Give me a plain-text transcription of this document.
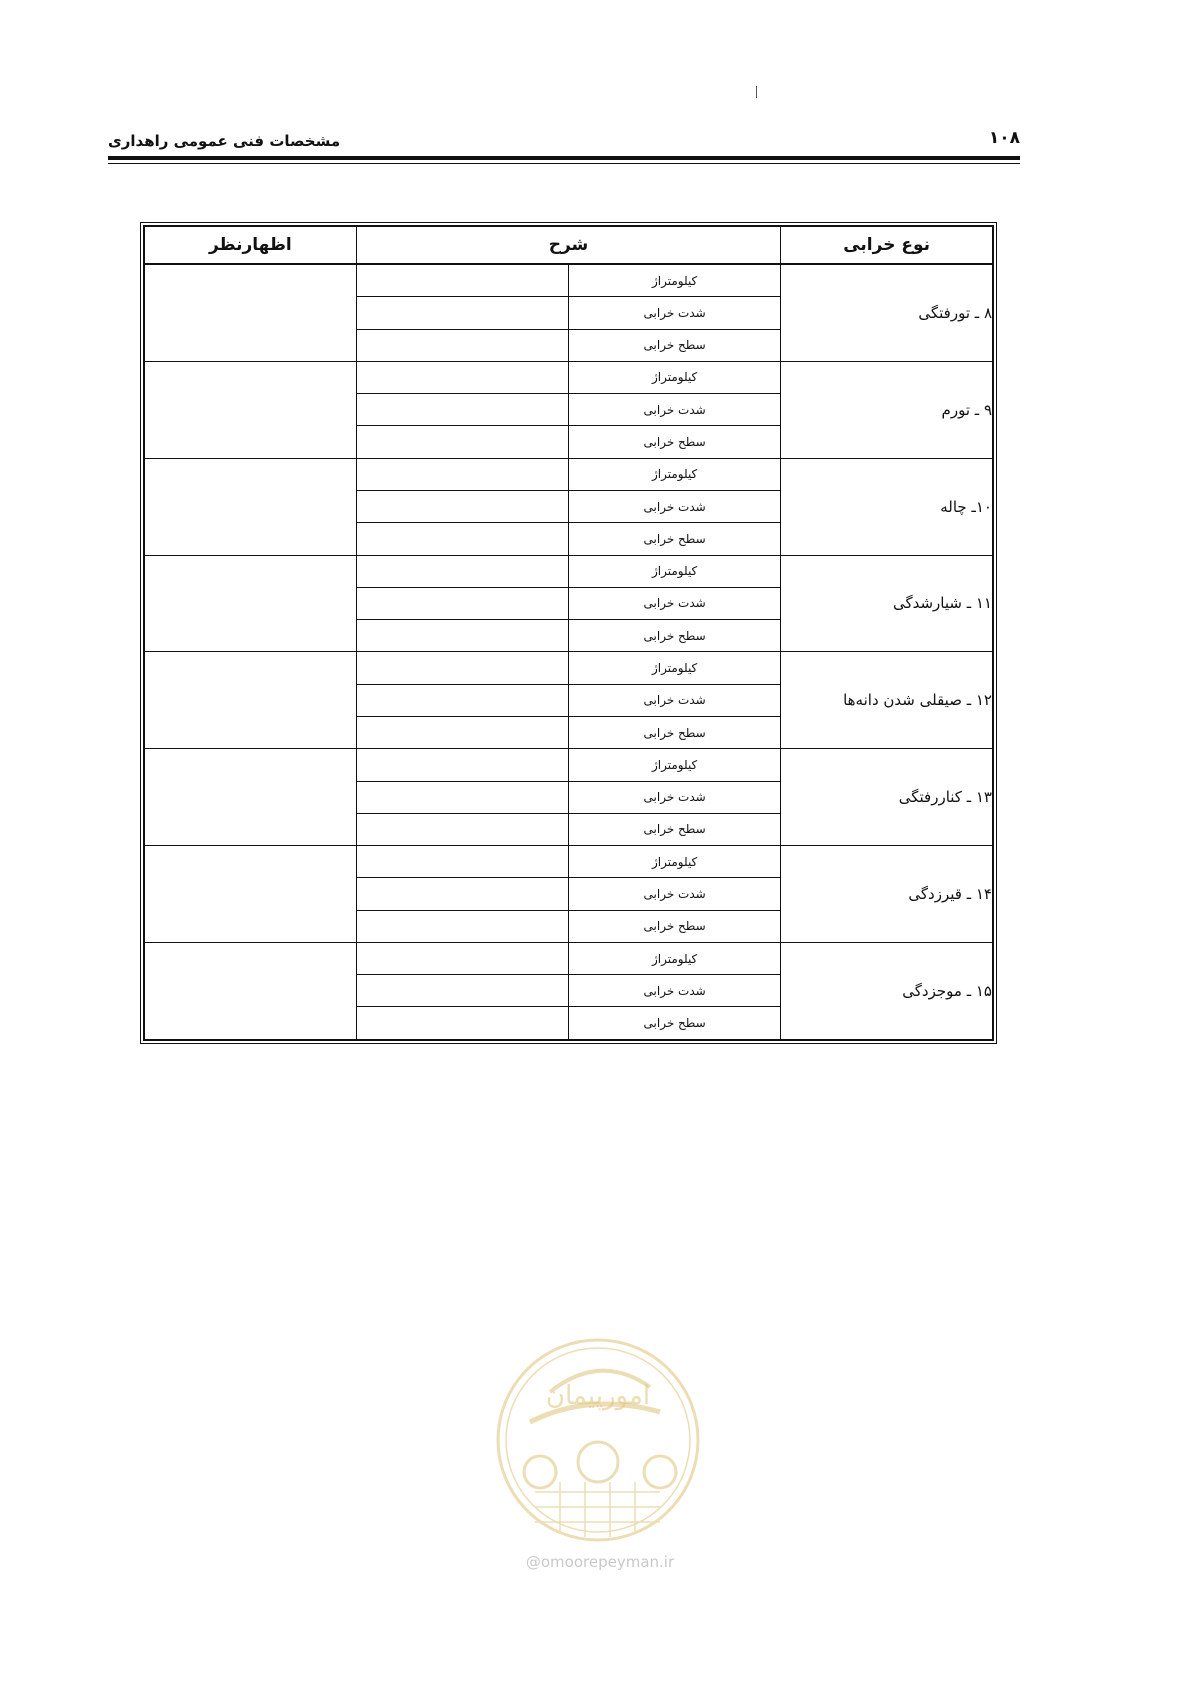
۱۰۸
مشخصات فنی عمومی راهداری
نوع خرابی	شرح		اظهارنظر
۸ ـ تورفتگی	کیلومتراژ		
	شدت خرابی		
	سطح خرابی		
۹ ـ تورم	کیلومتراژ		
	شدت خرابی		
	سطح خرابی		
۱۰ـ چاله	کیلومتراژ		
	شدت خرابی		
	سطح خرابی		
۱۱ ـ شیارشدگی	کیلومتراژ		
	شدت خرابی		
	سطح خرابی		
۱۲ ـ صیقلی شدن دانه‌ها	کیلومتراژ		
	شدت خرابی		
	سطح خرابی		
۱۳ ـ کناررفتگی	کیلومتراژ		
	شدت خرابی		
	سطح خرابی		
۱۴ ـ قیرزدگی	کیلومتراژ		
	شدت خرابی		
	سطح خرابی		
۱۵ ـ موجزدگی	کیلومتراژ		
	شدت خرابی		
	سطح خرابی		
امورپیمان
@omoorepeyman.ir
